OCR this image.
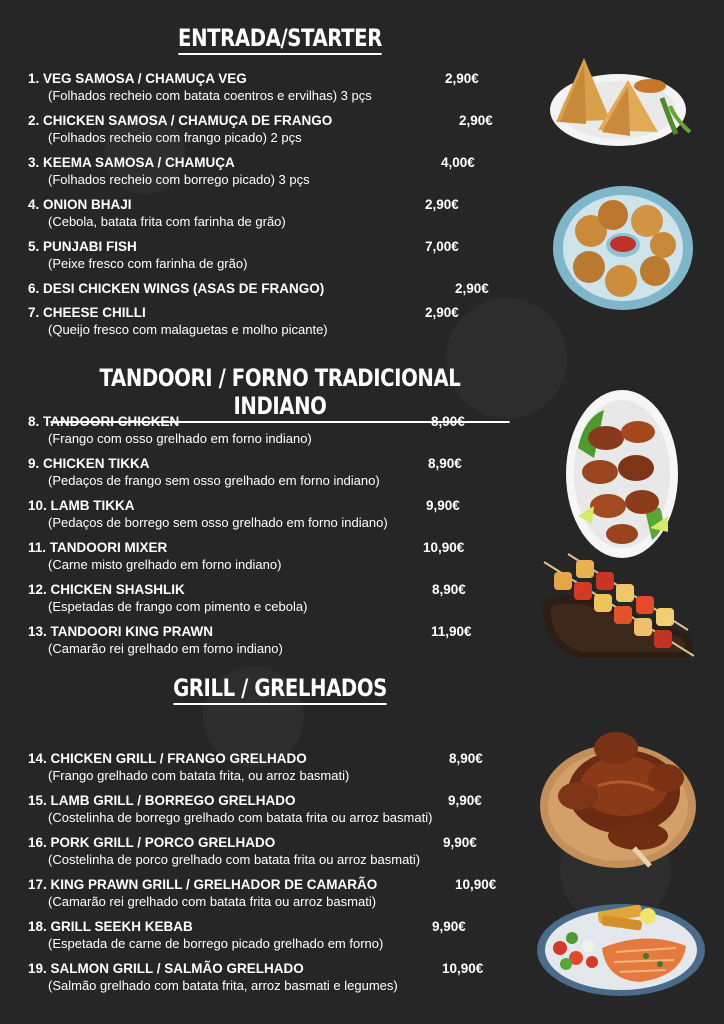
ENTRADA/STARTER
TANDOORI / FORNO TRADICIONAL INDIANO
GRILL / GRELHADOS
1. VEG SAMOSA / CHAMUÇA VEG	2,90€
(Folhados recheio com batata coentros e ervilhas) 3 pçs
2. CHICKEN SAMOSA / CHAMUÇA DE FRANGO	2,90€
(Folhados recheio com frango picado) 2 pçs
3. KEEMA SAMOSA / CHAMUÇA	4,00€
(Folhados recheio com borrego picado) 3 pçs
4. ONION BHAJI	2,90€
(Cebola, batata frita com farinha de grão)
5. PUNJABI FISH	7,00€
(Peixe fresco com farinha de grão)
6. DESI CHICKEN WINGS (ASAS DE FRANGO)	2,90€
7. CHEESE CHILLI	2,90€
(Queijo fresco com malaguetas e molho picante)
8. TANDOORI CHICKEN	8,90€
(Frango com osso grelhado em forno indiano)
9. CHICKEN TIKKA	8,90€
(Pedaços de frango sem osso grelhado em forno indiano)
10. LAMB TIKKA	9,90€
(Pedaços de borrego sem osso grelhado em forno indiano)
11. TANDOORI MIXER	10,90€
(Carne misto grelhado em forno indiano)
12. CHICKEN SHASHLIK	8,90€
(Espetadas de frango com pimento e cebola)
13. TANDOORI KING PRAWN	11,90€
(Camarão rei grelhado em forno indiano)
14. CHICKEN GRILL / FRANGO GRELHADO	8,90€
(Frango grelhado com batata frita, ou arroz basmati)
15. LAMB GRILL / BORREGO GRELHADO	9,90€
(Costelinha de borrego grelhado com batata frita ou arroz basmati)
16. PORK GRILL / PORCO GRELHADO	9,90€
(Costelinha de porco grelhado com batata frita ou arroz basmati)
17. KING PRAWN GRILL / GRELHADOR DE CAMARÃO	10,90€
(Camarão rei grelhado com batata frita ou arroz basmati)
18. GRILL SEEKH KEBAB	9,90€
(Espetada de carne de borrego picado grelhado em forno)
19. SALMON GRILL / SALMÃO GRELHADO	10,90€
(Salmão grelhado com batata frita, arroz basmati e legumes)
